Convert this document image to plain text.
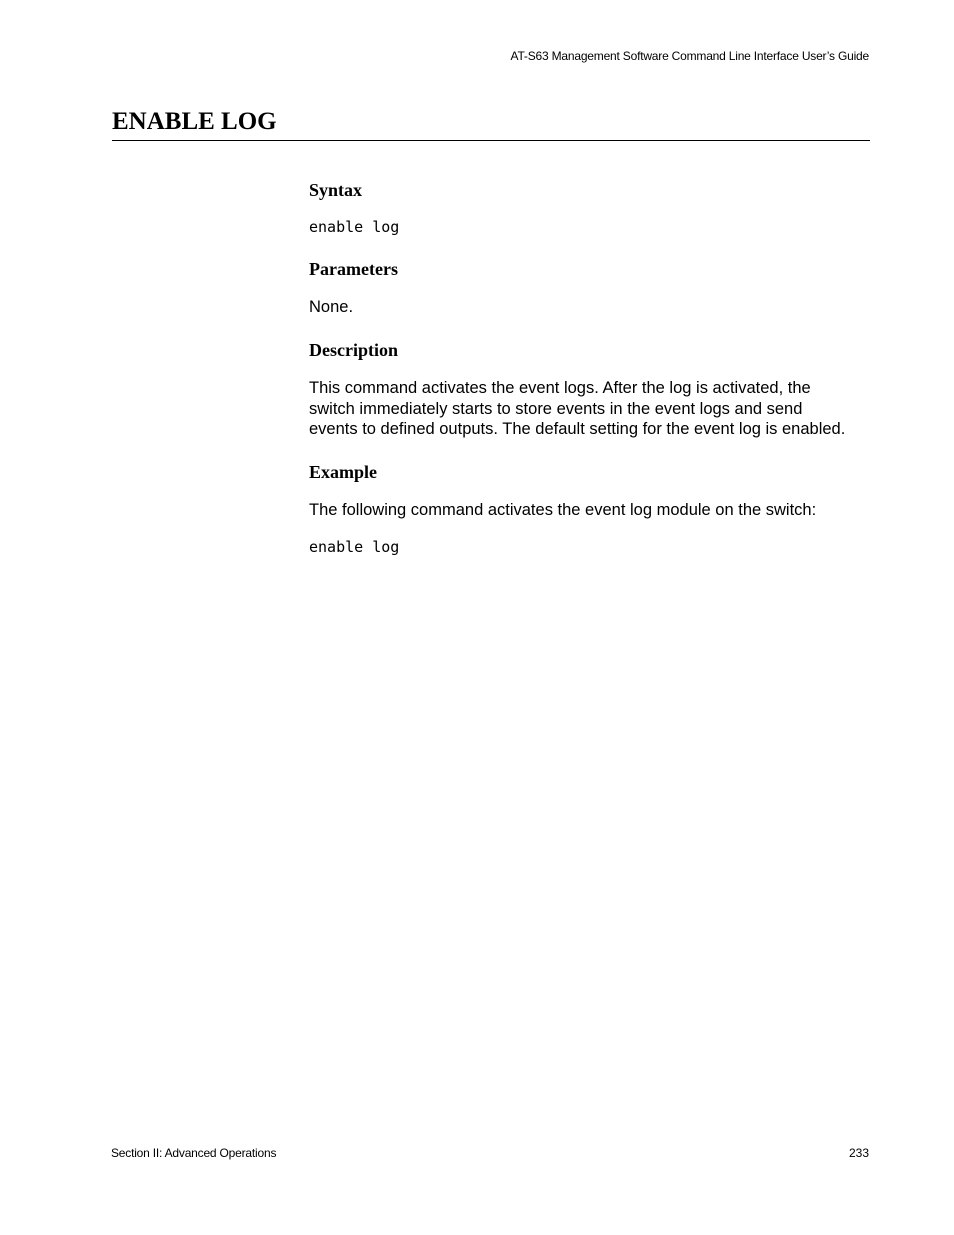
AT-S63 Management Software Command Line Interface User’s Guide
ENABLE LOG
Syntax
enable log
Parameters

None.

Description

This command activates the event logs. After the log is activated, the
switch immediately starts to store events in the event logs and send
events to defined outputs. The default setting for the event log is enabled.

Example

The following command activates the event log module on the switch:

enable log
Section II: Advanced Operations	233
